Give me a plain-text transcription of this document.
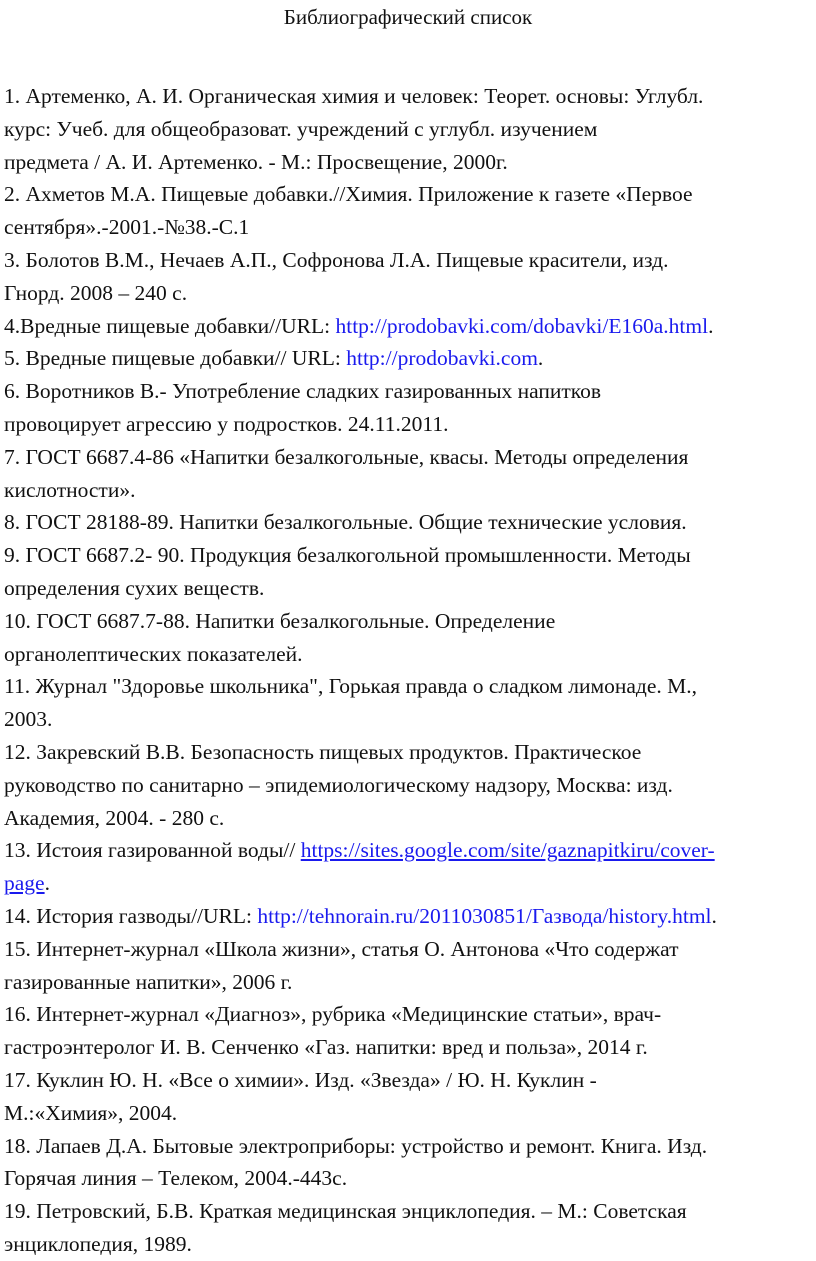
Библиографический список
1. Артеменко, А. И. Органическая химия и человек: Теорет. основы: Углубл.
курс: Учеб. для общеобразоват. учреждений с углубл. изучением
предмета / А. И. Артеменко. - М.: Просвещение, 2000г.
2. Ахметов М.А. Пищевые добавки.//Химия. Приложение к газете «Первое
сентября».-2001.-№38.-С.1
3. Болотов В.М., Нечаев А.П., Софронова Л.А. Пищевые красители, изд.
Гнорд. 2008 – 240 с.
4.Вредные пищевые добавки//URL: http://prodobavki.com/dobavki/E160a.html.
5. Вредные пищевые добавки// URL: http://prodobavki.com.
6. Воротников В.- Употребление сладких газированных напитков
провоцирует агрессию у подростков. 24.11.2011.
7. ГОСТ 6687.4-86 «Напитки безалкогольные, квасы. Методы определения
кислотности».
8. ГОСТ 28188-89. Напитки безалкогольные. Общие технические условия.
9. ГОСТ 6687.2- 90. Продукция безалкогольной промышленности. Методы
определения сухих веществ.
10. ГОСТ 6687.7-88. Напитки безалкогольные. Определение
органолептических показателей.
11. Журнал "Здоровье школьника", Горькая правда о сладком лимонаде. М.,
2003.
12. Закревский В.В. Безопасность пищевых продуктов. Практическое
руководство по санитарно – эпидемиологическому надзору, Москва: изд.
Академия, 2004. - 280 с.
13. Истоия газированной воды// https://sites.google.com/site/gaznapitkiru/cover-
page.
14. История газводы//URL: http://tehnorain.ru/2011030851/Газвода/history.html.
15. Интернет-журнал «Школа жизни», статья О. Антонова «Что содержат
газированные напитки», 2006 г.
16. Интернет-журнал «Диагноз», рубрика «Медицинские статьи», врач-
гастроэнтеролог И. В. Сенченко «Газ. напитки: вред и польза», 2014 г.
17. Куклин Ю. Н. «Все о химии». Изд. «Звезда» / Ю. Н. Куклин -
М.:«Химия», 2004.
18. Лапаев Д.А. Бытовые электроприборы: устройство и ремонт. Книга. Изд.
Горячая линия – Телеком, 2004.-443с.
19. Петровский, Б.В. Краткая медицинская энциклопедия. – М.: Советская
энциклопедия, 1989.
